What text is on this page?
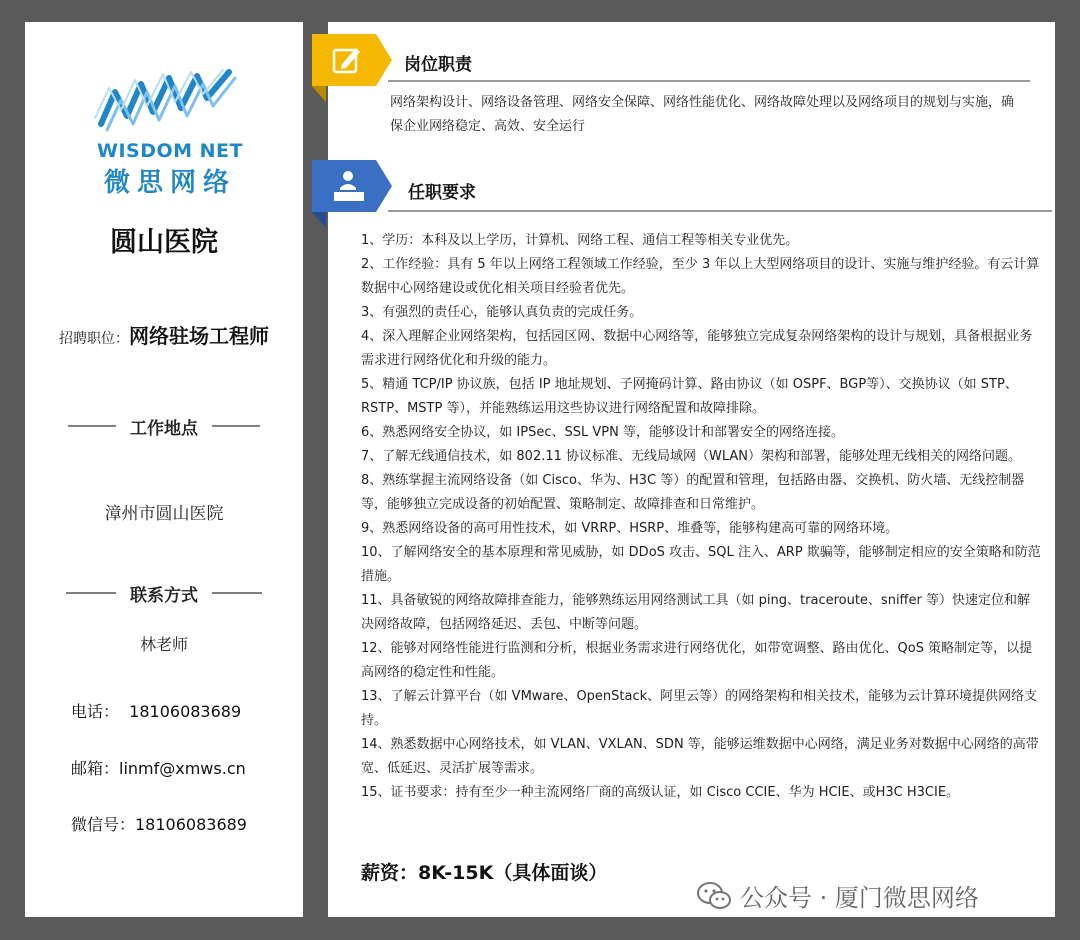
WISDOM NET
微思网络
圆山医院
招聘职位：网络驻场工程师
工作地点
漳州市圆山医院
联系方式
林老师
电话：  18106083689
邮箱：linmf@xmws.cn
微信号：18106083689
岗位职责
网络架构设计、网络设备管理、网络安全保障、网络性能优化、网络故障处理以及网络项目的规划与实施，确保企业网络稳定、高效、安全运行
任职要求
1、学历：本科及以上学历，计算机、网络工程、通信工程等相关专业优先。
2、工作经验：具有 5 年以上网络工程领域工作经验，至少 3 年以上大型网络项目的设计、实施与维护经验。有云计算数据中心网络建设或优化相关项目经验者优先。
3、有强烈的责任心，能够认真负责的完成任务。
4、深入理解企业网络架构，包括园区网、数据中心网络等，能够独立完成复杂网络架构的设计与规划，具备根据业务需求进行网络优化和升级的能力。
5、精通 TCP/IP 协议族，包括 IP 地址规划、子网掩码计算、路由协议（如 OSPF、BGP等）、交换协议（如 STP、RSTP、MSTP 等），并能熟练运用这些协议进行网络配置和故障排除。
6、熟悉网络安全协议，如 IPSec、SSL VPN 等，能够设计和部署安全的网络连接。
7、了解无线通信技术，如 802.11 协议标准、无线局域网（WLAN）架构和部署，能够处理无线相关的网络问题。
8、熟练掌握主流网络设备（如 Cisco、华为、H3C 等）的配置和管理，包括路由器、交换机、防火墙、无线控制器等，能够独立完成设备的初始配置、策略制定、故障排查和日常维护。
9、熟悉网络设备的高可用性技术，如 VRRP、HSRP、堆叠等，能够构建高可靠的网络环境。
10、了解网络安全的基本原理和常见威胁，如 DDoS 攻击、SQL 注入、ARP 欺骗等，能够制定相应的安全策略和防范措施。
11、具备敏锐的网络故障排查能力，能够熟练运用网络测试工具（如 ping、traceroute、sniffer 等）快速定位和解决网络故障，包括网络延迟、丢包、中断等问题。
12、能够对网络性能进行监测和分析，根据业务需求进行网络优化，如带宽调整、路由优化、QoS 策略制定等，以提高网络的稳定性和性能。
13、了解云计算平台（如 VMware、OpenStack、阿里云等）的网络架构和相关技术，能够为云计算环境提供网络支持。
14、熟悉数据中心网络技术，如 VLAN、VXLAN、SDN 等，能够运维数据中心网络，满足业务对数据中心网络的高带宽、低延迟、灵活扩展等需求。
15、证书要求：持有至少一种主流网络厂商的高级认证，如 Cisco CCIE、华为 HCIE、或H3C H3CIE。
薪资：8K-15K（具体面谈）
公众号 · 厦门微思网络
